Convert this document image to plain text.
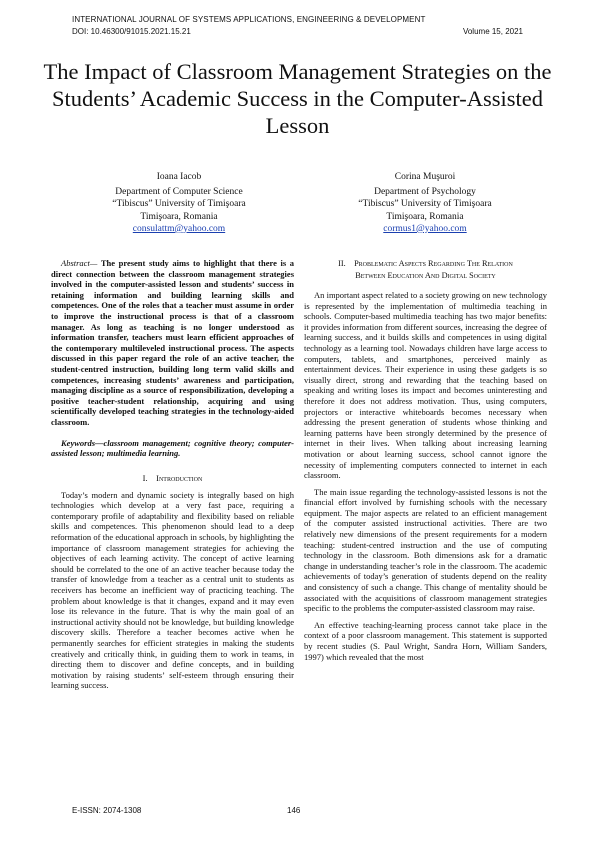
INTERNATIONAL JOURNAL OF SYSTEMS APPLICATIONS, ENGINEERING & DEVELOPMENT
DOI: 10.46300/91015.2021.15.21	Volume 15, 2021
The Impact of Classroom Management Strategies on the Students’ Academic Success in the Computer-Assisted Lesson
Ioana Iacob
Department of Computer Science
“Tibiscus” University of Timişoara
Timişoara, Romania
consulattm@yahoo.com
Corina Muşuroi
Department of Psychology
“Tibiscus” University of Timişoara
Timişoara, Romania
cormus1@yahoo.com

Abstract— The present study aims to highlight that there is a direct connection between the classroom management strategies involved in the computer-assisted lesson and students’ success in retaining information and building learning skills and competences. One of the roles that a teacher must assume in order to improve the instructional process is that of a classroom manager. As long as teaching is no longer understood as information transfer, teachers must learn efficient approaches of the contemporary multileveled instructional process. The aspects discussed in this paper regard the role of an active teacher, the student-centred instruction, building long term valid skills and competences, increasing students’ awareness and participation, managing discipline as a source of responsibilization, developing a positive teacher-student relationship, acquiring and using scientifically developed teaching strategies in the technology-aided classroom.

Keywords—classroom management; cognitive theory; computer-assisted lesson; multimedia learning.

I. Introduction

Today’s modern and dynamic society is integrally based on high technologies which develop at a very fast pace, requiring a contemporary profile of adaptability and flexibility based on reliable skills and competences. This phenomenon should lead to a deep reformation of the educational approach in schools, by highlighting the importance of classroom management strategies for achieving the objectives of each learning activity. The concept of active learning should be correlated to the one of an active teacher because today the transfer of knowledge from a teacher as a central unit to students as receivers has become an inefficient way of practicing teaching. The problem about knowledge is that it changes, expand and it may even lose its relevance in the future. That is why the main goal of an instructional activity should not be knowledge, but building knowledge discovery skills. Therefore a teacher becomes active when he permanently searches for efficient strategies in making the students creatively and critically think, in guiding them to work in teams, in directing them to discover and define concepts, and in building motivation by raising students’ self-esteem through ensuring their learning success.

II. Problematic Aspects Regarding The Relation
Between Education And Digital Society

An important aspect related to a society growing on new technology is represented by the implementation of multimedia teaching in schools. Computer-based multimedia teaching has two major benefits: it provides information from different sources, increasing the degree of learning success, and it builds skills and competences in using digital technology as a learning tool. Nowadays children have large access to computers, tablets, and smartphones, perceived mainly as entertainment devices. Their experience in using these gadgets is so visually direct, strong and rewarding that the teaching based on speaking and writing loses its impact and becomes uninteresting and therefore it does not address motivation. Thus, using computers, projectors or interactive whiteboards becomes necessary when addressing the present generation of students whose thinking and learning patterns have been strongly determined by the presence of internet in their lives. When talking about increasing learning motivation or about learning success, school cannot ignore the necessity of implementing computers connected to internet in each classroom.

The main issue regarding the technology-assisted lessons is not the financial effort involved by furnishing schools with the necessary equipment. The major aspects are related to an efficient management of the computer assisted instructional activities. There are two relatively new dimensions of the present requirements for a modern teaching: student-centred instruction and the use of computing technology in the classroom. Both dimensions ask for a dramatic change in understanding teacher’s role in the classroom. The academic achievements of today’s generation of students depend on the reality and consistency of such a change. This change of mentality should be associated with the acquisitions of classroom management strategies specific to the problems the computer-assisted classroom may raise.

An effective teaching-learning process cannot take place in the context of a poor classroom management. This statement is supported by recent studies (S. Paul Wright, Sandra Horn, William Sanders, 1997) which revealed that the most

E-ISSN: 2074-1308	146
